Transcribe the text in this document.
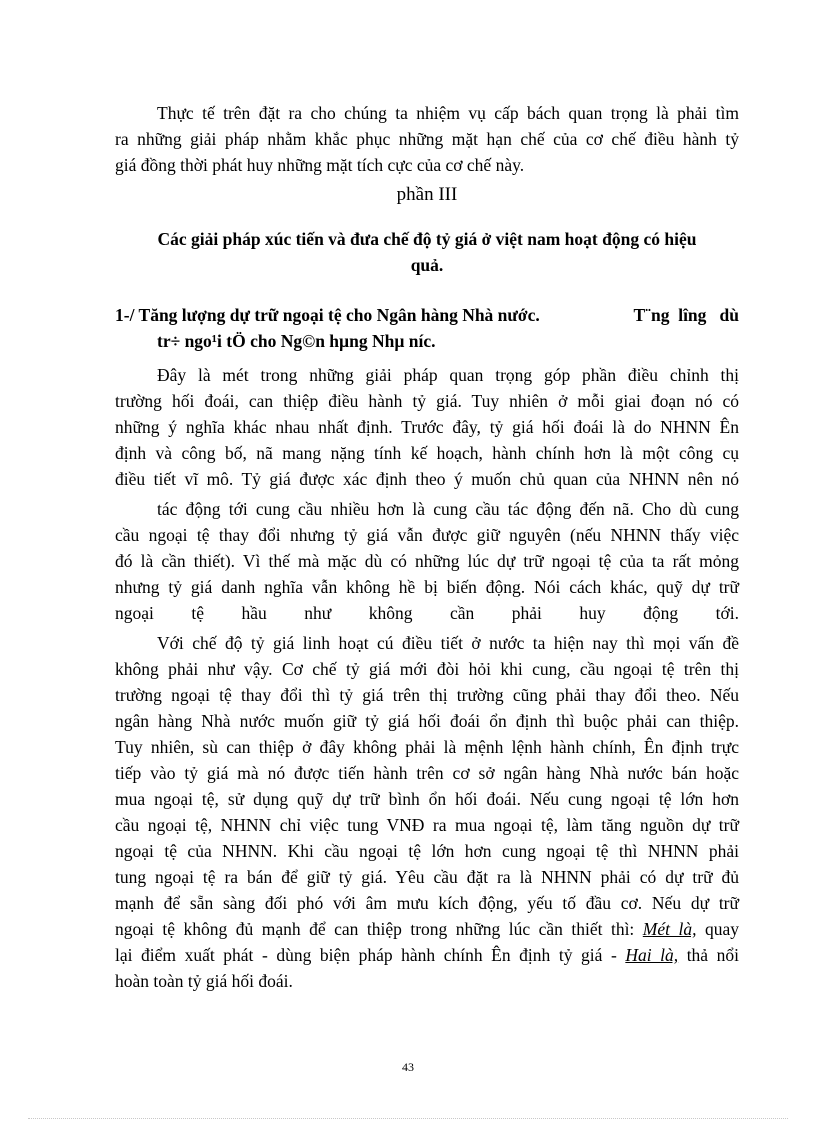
Thực tế trên đặt ra cho chúng ta nhiệm vụ cấp bách quan trọng là phải tìm
ra những giải pháp nhằm khắc phục những mặt hạn chế của cơ chế điều hành tỷ
giá đồng thời phát huy những mặt tích cực của cơ chế này.
phần III
Các giải pháp xúc tiến và đưa chế độ tỷ giá ở việt nam hoạt động có hiệu
quả.
1-/ Tăng lượng dự trữ ngoại tệ cho Ngân hàng Nhà nước.	T¨ng  lîng   dù
tr÷ ngo¹i tÖ cho Ng©n hµng Nhµ níc.
Đây là mét trong những giải pháp quan trọng góp phần điều chỉnh thị
trường hối đoái, can thiệp điều hành tỷ giá. Tuy nhiên ở mỗi giai đoạn nó có
những ý nghĩa khác nhau nhất định. Trước đây, tỷ giá hối đoái là do NHNN Ên
định và công bố, nã mang nặng tính kế hoạch, hành chính hơn là một công cụ
điều tiết vĩ mô. Tỷ giá được xác định theo ý muốn chủ quan của NHNN nên nó
tác động tới cung cầu nhiều hơn là cung cầu tác động đến nã. Cho dù cung
cầu ngoại tệ thay đổi nhưng tỷ giá vẫn được giữ nguyên (nếu NHNN thấy việc
đó là cần thiết). Vì thế mà mặc dù có những lúc dự trữ ngoại tệ của ta rất mỏng
nhưng tỷ giá danh nghĩa vẫn không hề bị biến động. Nói cách khác, quỹ dự trữ
ngoại tệ hầu như không cần phải huy động tới.
Với chế độ tỷ giá linh hoạt cú điều tiết ở nước ta hiện nay thì mọi vấn đề
không phải như vậy. Cơ chế tỷ giá mới đòi hỏi khi cung, cầu ngoại tệ trên thị
trường ngoại tệ thay đổi thì tỷ giá trên thị trường cũng phải thay đổi theo. Nếu
ngân hàng Nhà nước muốn giữ tỷ giá hối đoái ổn định thì buộc phải can thiệp.
Tuy nhiên, sù can thiệp ở đây không phải là mệnh lệnh hành chính, Ên định trực
tiếp vào tỷ giá mà nó được tiến hành trên cơ sở ngân hàng Nhà nước bán hoặc
mua ngoại tệ, sử dụng quỹ dự trữ bình ổn hối đoái. Nếu cung ngoại tệ lớn hơn
cầu ngoại tệ, NHNN chỉ việc tung VNĐ ra mua ngoại tệ, làm tăng nguồn dự trữ
ngoại tệ của NHNN. Khi cầu ngoại tệ lớn hơn cung ngoại tệ thì NHNN phải
tung ngoại tệ ra bán để giữ tỷ giá. Yêu cầu đặt ra là NHNN phải có dự trữ đủ
mạnh để sẵn sàng đối phó với âm mưu kích động, yếu tố đầu cơ. Nếu dự trữ
ngoại tệ không đủ mạnh để can thiệp trong những lúc cần thiết thì: Mét là, quay
lại điểm xuất phát - dùng biện pháp hành chính Ên định tỷ giá - Hai là, thả nổi
hoàn toàn tỷ giá hối đoái.
43
